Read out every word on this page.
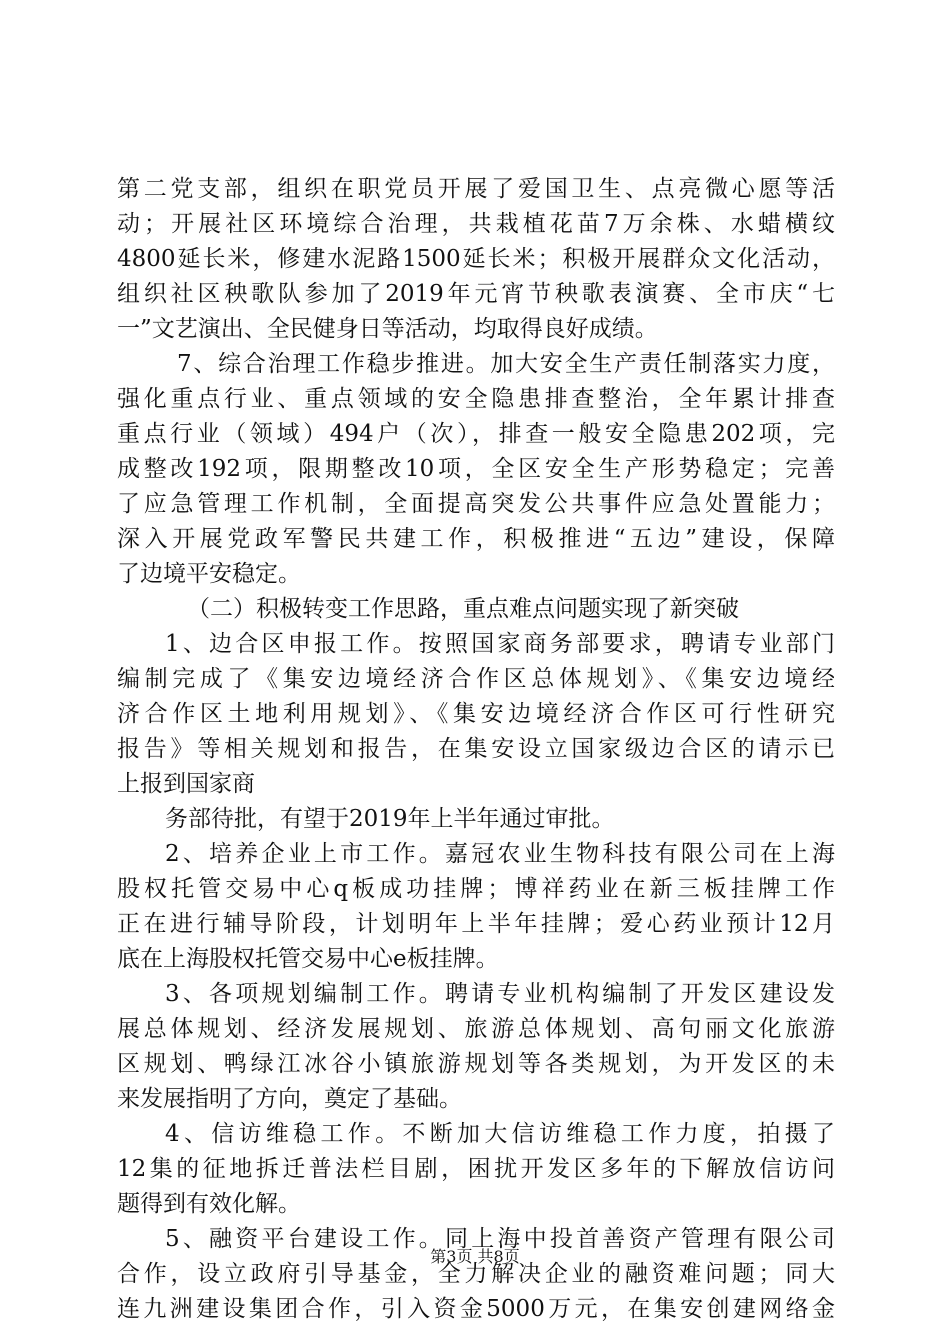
第二党支部，组织在职党员开展了爱国卫生、点亮微心愿等活
动；开展社区环境综合治理，共栽植花苗7万余株、水蜡横纹
4800延长米，修建水泥路1500延长米；积极开展群众文化活动，
组织社区秧歌队参加了2019年元宵节秧歌表演赛、全市庆“七
一”文艺演出、全民健身日等活动，均取得良好成绩。
7、综合治理工作稳步推进。加大安全生产责任制落实力度，
强化重点行业、重点领域的安全隐患排查整治，全年累计排查
重点行业（领域）494户（次），排查一般安全隐患202项，完
成整改192项，限期整改10项，全区安全生产形势稳定；完善
了应急管理工作机制，全面提高突发公共事件应急处置能力；
深入开展党政军警民共建工作，积极推进“五边”建设，保障
了边境平安稳定。
（二）积极转变工作思路，重点难点问题实现了新突破
1、边合区申报工作。按照国家商务部要求，聘请专业部门
编制完成了《集安边境经济合作区总体规划》、《集安边境经
济合作区土地利用规划》、《集安边境经济合作区可行性研究
报告》等相关规划和报告，在集安设立国家级边合区的请示已
上报到国家商
务部待批，有望于2019年上半年通过审批。
2、培养企业上市工作。嘉冠农业生物科技有限公司在上海
股权托管交易中心q板成功挂牌；博祥药业在新三板挂牌工作
正在进行辅导阶段，计划明年上半年挂牌；爱心药业预计12月
底在上海股权托管交易中心e板挂牌。
3、各项规划编制工作。聘请专业机构编制了开发区建设发
展总体规划、经济发展规划、旅游总体规划、高句丽文化旅游
区规划、鸭绿江冰谷小镇旅游规划等各类规划，为开发区的未
来发展指明了方向，奠定了基础。
4、信访维稳工作。不断加大信访维稳工作力度，拍摄了
12集的征地拆迁普法栏目剧，困扰开发区多年的下解放信访问
题得到有效化解。
5、融资平台建设工作。同上海中投首善资产管理有限公司
合作，设立政府引导基金，全力解决企业的融资难问题；同大
连九洲建设集团合作，引入资金5000万元，在集安创建网络金
第3页 共8页
